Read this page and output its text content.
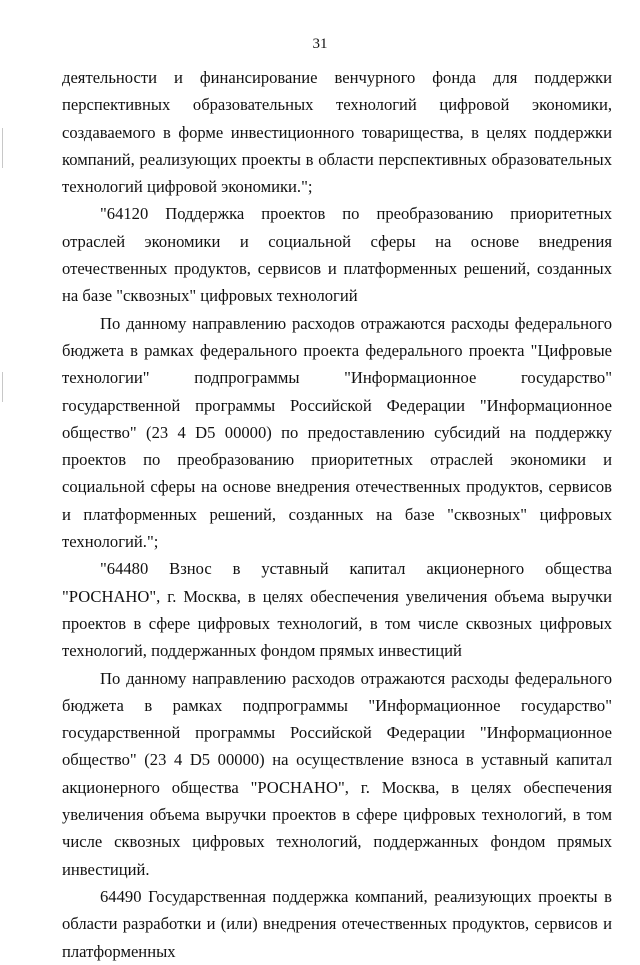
31

деятельности и финансирование венчурного фонда для поддержки перспективных образовательных технологий цифровой экономики, создаваемого в форме инвестиционного товарищества, в целях поддержки компаний, реализующих проекты в области перспективных образовательных технологий цифровой экономики.";

"64120 Поддержка проектов по преобразованию приоритетных отраслей экономики и социальной сферы на основе внедрения отечественных продуктов, сервисов и платформенных решений, созданных на базе "сквозных" цифровых технологий

По данному направлению расходов отражаются расходы федерального бюджета в рамках федерального проекта федерального проекта "Цифровые технологии" подпрограммы "Информационное государство" государственной программы Российской Федерации "Информационное общество" (23 4 D5 00000) по предоставлению субсидий на поддержку проектов по преобразованию приоритетных отраслей экономики и социальной сферы на основе внедрения отечественных продуктов, сервисов и платформенных решений, созданных на базе "сквозных" цифровых технологий.";

"64480 Взнос в уставный капитал акционерного общества "РОСНАНО", г. Москва, в целях обеспечения увеличения объема выручки проектов в сфере цифровых технологий, в том числе сквозных цифровых технологий, поддержанных фондом прямых инвестиций

По данному направлению расходов отражаются расходы федерального бюджета в рамках подпрограммы "Информационное государство" государственной программы Российской Федерации "Информационное общество" (23 4 D5 00000) на осуществление взноса в уставный капитал акционерного общества "РОСНАНО", г. Москва, в целях обеспечения увеличения объема выручки проектов в сфере цифровых технологий, в том числе сквозных цифровых технологий, поддержанных фондом прямых инвестиций.

64490 Государственная поддержка компаний, реализующих проекты в области разработки и (или) внедрения отечественных продуктов, сервисов и платформенных
